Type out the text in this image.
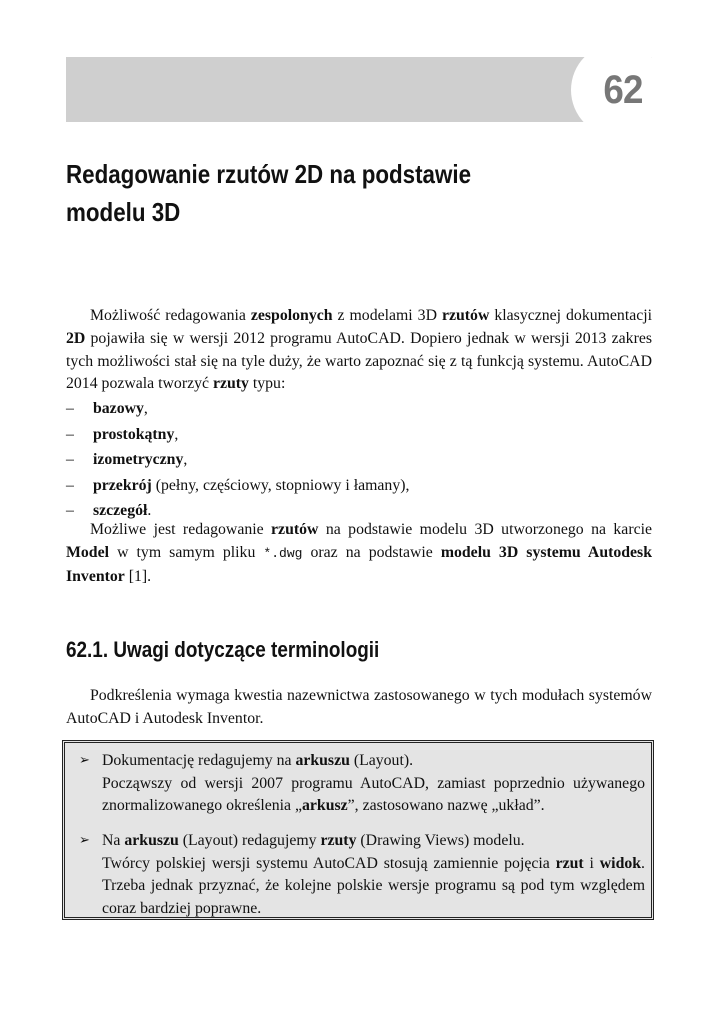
62
Redagowanie rzutów 2D na podstawie
modelu 3D

Możliwość redagowania zespolonych z modelami 3D rzutów klasycznej dokumentacji 2D pojawiła się w wersji 2012 programu AutoCAD. Dopiero jednak w wersji 2013 zakres tych możliwości stał się na tyle duży, że warto zapoznać się z tą funkcją systemu. AutoCAD 2014 pozwala tworzyć rzuty typu:

– bazowy,
– prostokątny,
– izometryczny,
– przekrój (pełny, częściowy, stopniowy i łamany),
– szczegół.

Możliwe jest redagowanie rzutów na podstawie modelu 3D utworzonego na karcie Model w tym samym pliku *.dwg oraz na podstawie modelu 3D systemu Autodesk Inventor [1].

62.1. Uwagi dotyczące terminologii

Podkreślenia wymaga kwestia nazewnictwa zastosowanego w tych modułach systemów AutoCAD i Autodesk Inventor.

➢ Dokumentację redagujemy na arkuszu (Layout).
Począwszy od wersji 2007 programu AutoCAD, zamiast poprzednio używanego znormalizowanego określenia „arkusz”, zastosowano nazwę „układ”.
➢ Na arkuszu (Layout) redagujemy rzuty (Drawing Views) modelu.
Twórcy polskiej wersji systemu AutoCAD stosują zamiennie pojęcia rzut i widok. Trzeba jednak przyznać, że kolejne polskie wersje programu są pod tym względem coraz bardziej poprawne.
